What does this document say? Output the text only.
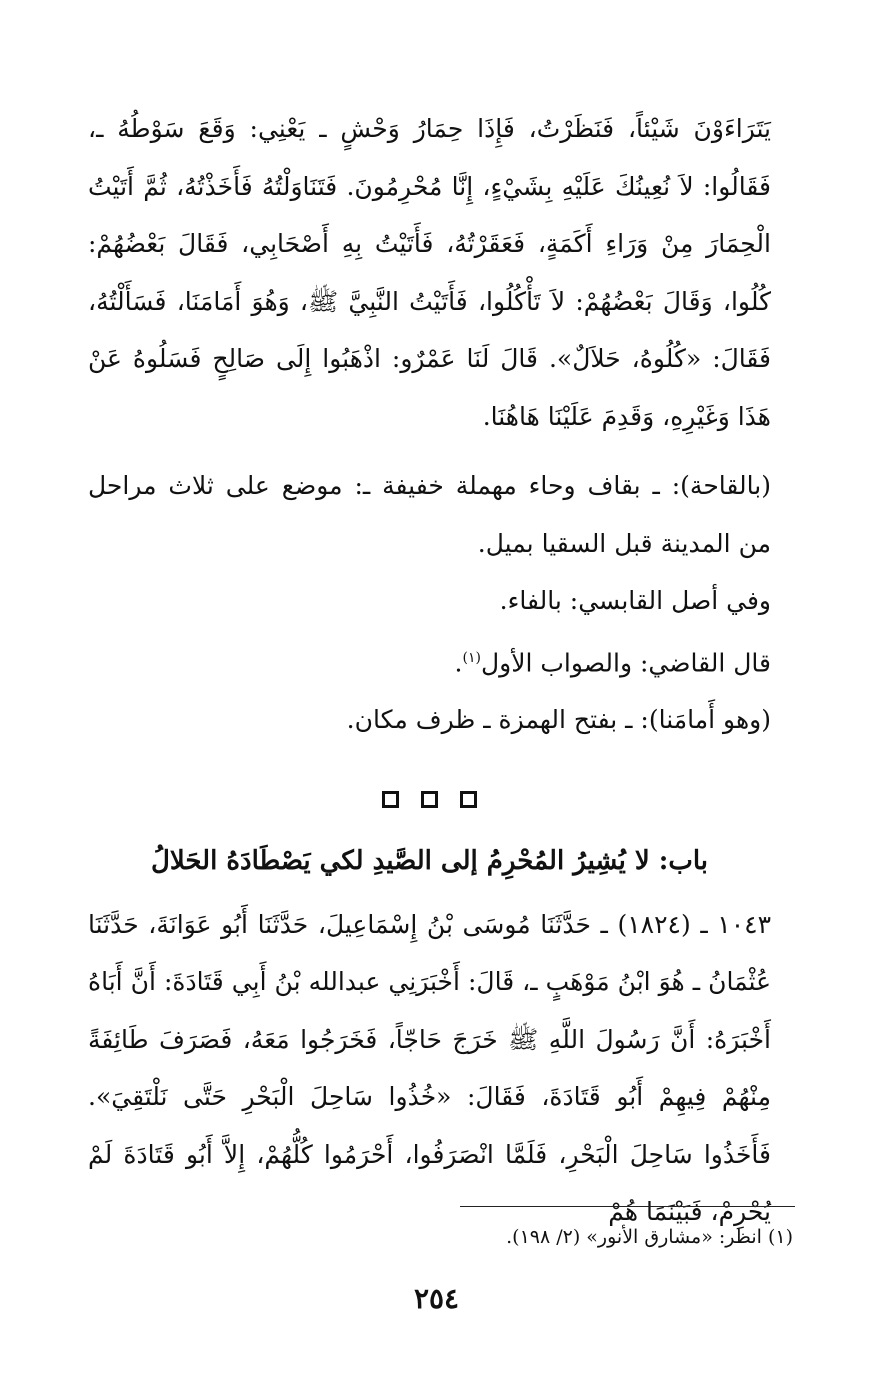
يَتَرَاءَوْنَ شَيْئاً، فَنَظَرْتُ، فَإِذَا حِمَارُ وَحْشٍ ـ يَعْنِي: وَقَعَ سَوْطُهُ ـ، فَقَالُوا: لاَ نُعِينُكَ عَلَيْهِ بِشَيْءٍ، إِنَّا مُحْرِمُونَ. فَتَنَاوَلْتُهُ فَأَخَذْتُهُ، ثُمَّ أَتَيْتُ الْحِمَارَ مِنْ وَرَاءِ أَكَمَةٍ، فَعَقَرْتُهُ، فَأَتَيْتُ بِهِ أَصْحَابِي، فَقَالَ بَعْضُهُمْ: كُلُوا، وَقَالَ بَعْضُهُمْ: لاَ تَأْكُلُوا، فَأَتَيْتُ النَّبِيَّ ﷺ، وَهُوَ أَمَامَنَا، فَسَأَلْتُهُ، فَقَالَ: «كُلُوهُ، حَلاَلٌ». قَالَ لَنَا عَمْرٌو: اذْهَبُوا إِلَى صَالِحٍ فَسَلُوهُ عَنْ هَذَا وَغَيْرِهِ، وَقَدِمَ عَلَيْنَا هَاهُنَا.

(بالقاحة): ـ بقاف وحاء مهملة خفيفة ـ: موضع على ثلاث مراحل من المدينة قبل السقيا بميل.

وفي أصل القابسي: بالفاء.

قال القاضي: والصواب الأول$^{(١)}$.

(وهو أَمامَنا): ـ بفتح الهمزة ـ ظرف مكان.

باب: لا يُشِيرُ المُحْرِمُ إلى الصَّيدِ لكي يَصْطَادَهُ الحَلالُ

١٠٤٣ ـ (١٨٢٤) ـ حَدَّثَنَا مُوسَى بْنُ إِسْمَاعِيلَ، حَدَّثَنَا أَبُو عَوَانَةَ، حَدَّثَنَا عُثْمَانُ ـ هُوَ ابْنُ مَوْهَبٍ ـ، قَالَ: أَخْبَرَنِي عبدالله بْنُ أَبِي قَتَادَةَ: أَنَّ أَبَاهُ أَخْبَرَهُ: أَنَّ رَسُولَ اللَّهِ ﷺ خَرَجَ حَاجّاً، فَخَرَجُوا مَعَهُ، فَصَرَفَ طَائِفَةً مِنْهُمْ فِيهِمْ أَبُو قَتَادَةَ، فَقَالَ: «خُذُوا سَاحِلَ الْبَحْرِ حَتَّى نَلْتَقِيَ». فَأَخَذُوا سَاحِلَ الْبَحْرِ، فَلَمَّا انْصَرَفُوا، أَحْرَمُوا كُلُّهُمْ، إِلاَّ أَبُو قَتَادَةَ لَمْ يُحْرِمْ، فَبَيْنَمَا هُمْ

(١) انظر: «مشارق الأنور» (٢/ ١٩٨).
٢٥٤
